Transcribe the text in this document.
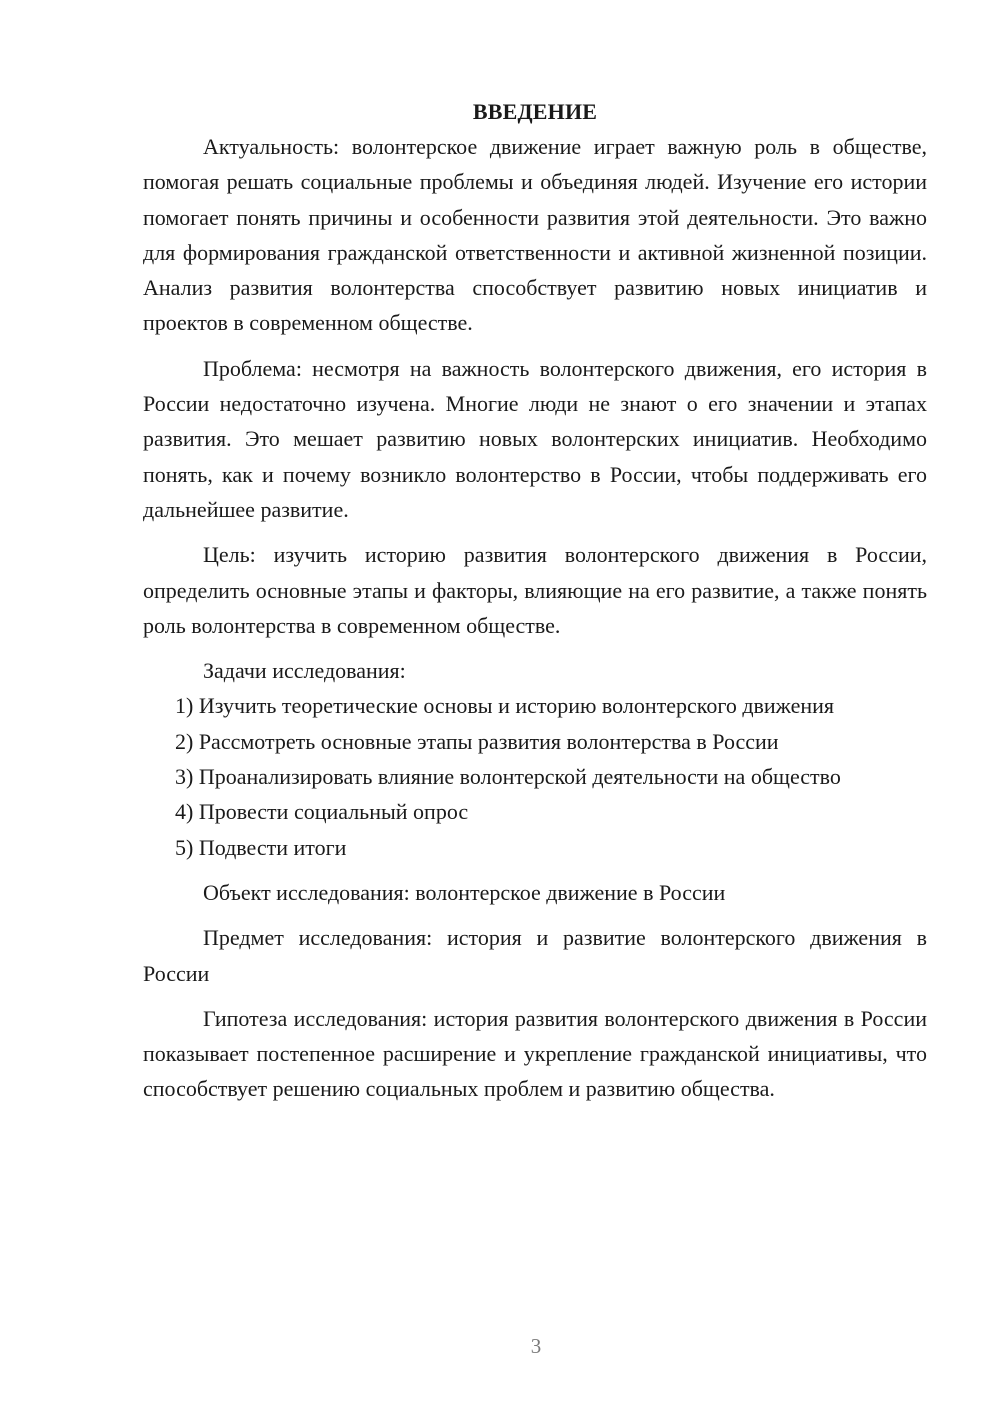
ВВЕДЕНИЕ

Актуальность: волонтерское движение играет важную роль в обществе, помогая решать социальные проблемы и объединяя людей. Изучение его истории помогает понять причины и особенности развития этой деятельности. Это важно для формирования гражданской ответственности и активной жизненной позиции. Анализ развития волонтерства способствует развитию новых инициатив и проектов в современном обществе.

Проблема: несмотря на важность волонтерского движения, его история в России недостаточно изучена. Многие люди не знают о его значении и этапах развития. Это мешает развитию новых волонтерских инициатив. Необходимо понять, как и почему возникло волонтерство в России, чтобы поддерживать его дальнейшее развитие.

Цель: изучить историю развития волонтерского движения в России, определить основные этапы и факторы, влияющие на его развитие, а также понять роль волонтерства в современном обществе.

Задачи исследования:

1) Изучить теоретические основы и историю волонтерского движения

2) Рассмотреть основные этапы развития волонтерства в России

3) Проанализировать влияние волонтерской деятельности на общество

4) Провести социальный опрос

5) Подвести итоги

Объект исследования: волонтерское движение в России

Предмет исследования: история и развитие волонтерского движения в России

Гипотеза исследования: история развития волонтерского движения в России показывает постепенное расширение и укрепление гражданской инициативы, что способствует решению социальных проблем и развитию общества.

3
